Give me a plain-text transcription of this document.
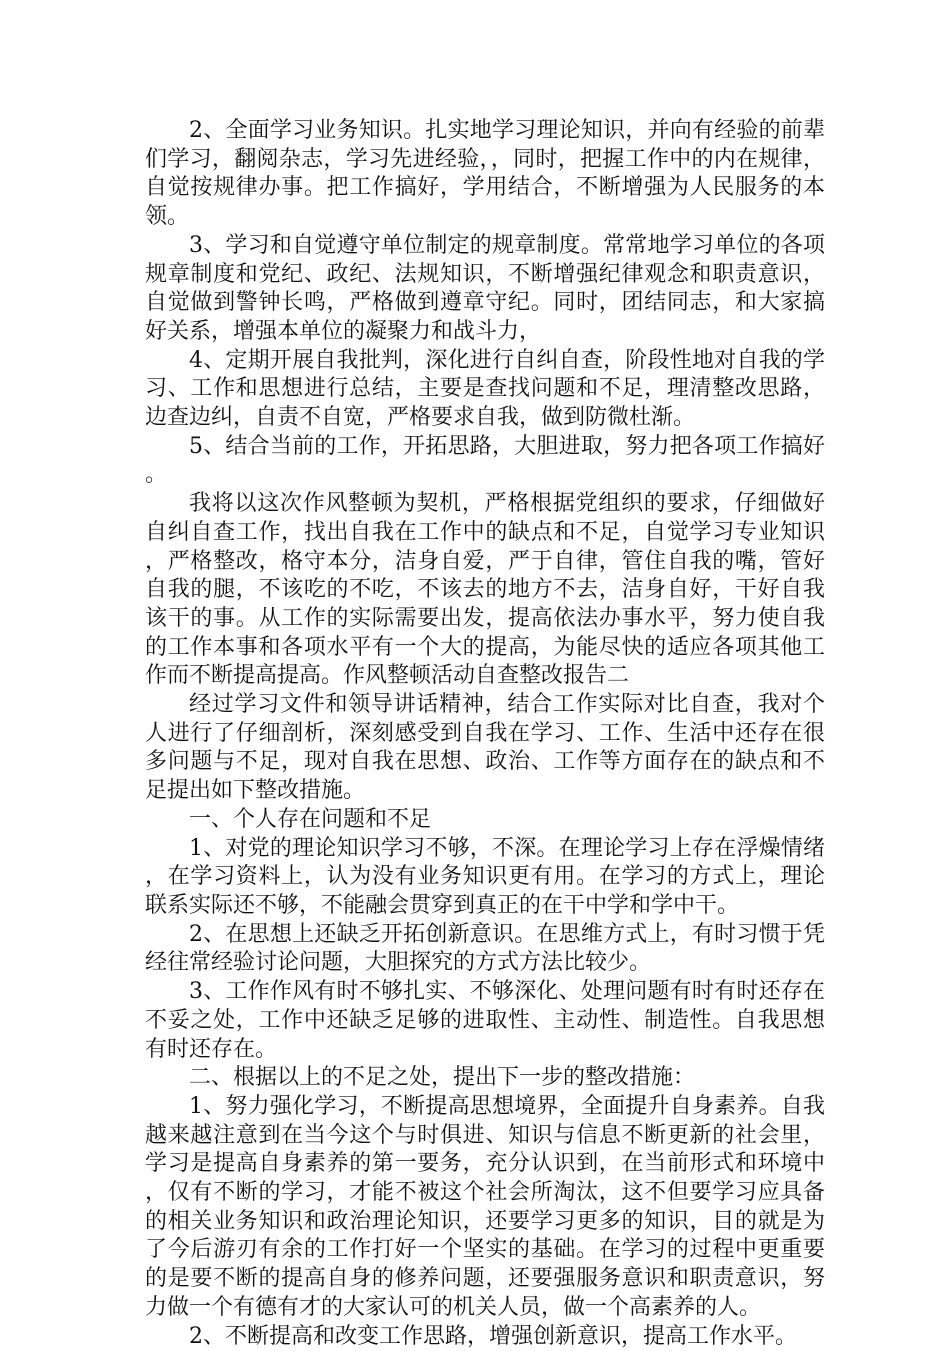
2、全面学习业务知识。扎实地学习理论知识，并向有经验的前辈们学习，翻阅杂志，学习先进经验，，同时，把握工作中的内在规律，自觉按规律办事。把工作搞好，学用结合，不断增强为人民服务的本领。

3、学习和自觉遵守单位制定的规章制度。常常地学习单位的各项规章制度和党纪、政纪、法规知识，不断增强纪律观念和职责意识，自觉做到警钟长鸣，严格做到遵章守纪。同时，团结同志，和大家搞好关系，增强本单位的凝聚力和战斗力，

4、定期开展自我批判，深化进行自纠自查，阶段性地对自我的学习、工作和思想进行总结，主要是查找问题和不足，理清整改思路，边查边纠，自责不自宽，严格要求自我，做到防微杜渐。

5、结合当前的工作，开拓思路，大胆进取，努力把各项工作搞好。

我将以这次作风整顿为契机，严格根据党组织的要求，仔细做好自纠自查工作，找出自我在工作中的缺点和不足，自觉学习专业知识，严格整改，格守本分，洁身自爱，严于自律，管住自我的嘴，管好自我的腿，不该吃的不吃，不该去的地方不去，洁身自好，干好自我该干的事。从工作的实际需要出发，提高依法办事水平，努力使自我的工作本事和各项水平有一个大的提高，为能尽快的适应各项其他工作而不断提高提高。作风整顿活动自查整改报告二

经过学习文件和领导讲话精神，结合工作实际对比自查，我对个人进行了仔细剖析，深刻感受到自我在学习、工作、生活中还存在很多问题与不足，现对自我在思想、政治、工作等方面存在的缺点和不足提出如下整改措施。

一、个人存在问题和不足

1、对党的理论知识学习不够，不深。在理论学习上存在浮燥情绪，在学习资料上，认为没有业务知识更有用。在学习的方式上，理论联系实际还不够，不能融会贯穿到真正的在干中学和学中干。

2、在思想上还缺乏开拓创新意识。在思维方式上，有时习惯于凭经往常经验讨论问题，大胆探究的方式方法比较少。

3、工作作风有时不够扎实、不够深化、处理问题有时有时还存在不妥之处，工作中还缺乏足够的进取性、主动性、制造性。自我思想有时还存在。

二、根据以上的不足之处，提出下一步的整改措施：

1、努力强化学习，不断提高思想境界，全面提升自身素养。自我越来越注意到在当今这个与时俱进、知识与信息不断更新的社会里，学习是提高自身素养的第一要务，充分认识到，在当前形式和环境中，仅有不断的学习，才能不被这个社会所淘汰，这不但要学习应具备的相关业务知识和政治理论知识，还要学习更多的知识，目的就是为了今后游刃有余的工作打好一个坚实的基础。在学习的过程中更重要的是要不断的提高自身的修养问题，还要强服务意识和职责意识，努力做一个有德有才的大家认可的机关人员，做一个高素养的人。

2、不断提高和改变工作思路，增强创新意识，提高工作水平。
